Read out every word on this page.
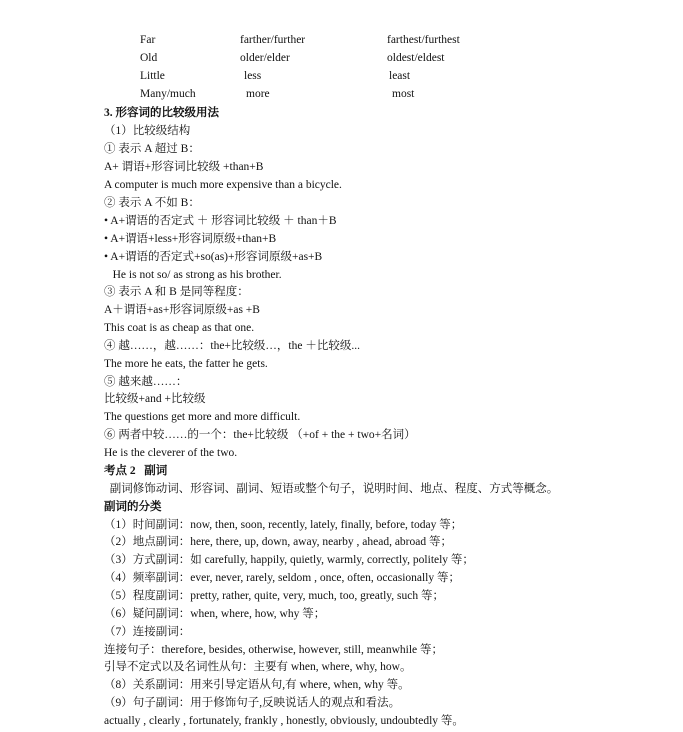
Far	farther/further	farthest/furthest
Old	older/elder	oldest/eldest
Little	less	least
Many/much	more	most
3. 形容词的比较级用法
（1）比较级结构
① 表示 A 超过 B：
A+ 谓语+形容词比较级 +than+B
A computer is much more expensive than a bicycle.
② 表示 A 不如 B：
• A+谓语的否定式 ＋ 形容词比较级 ＋ than＋B
• A+谓语+less+形容词原级+than+B
• A+谓语的否定式+so(as)+形容词原级+as+B
He is not so/ as strong as his brother.
③ 表示 A 和 B 是同等程度：
A＋谓语+as+形容词原级+as +B
This coat is as cheap as that one.
④ 越……，越……：the+比较级…，the ＋比较级...
The more he eats, the fatter he gets.
⑤ 越来越……：
比较级+and +比较级
The questions get more and more difficult.
⑥ 两者中较……的一个：the+比较级 （+of + the + two+名词）
He is the cleverer of the two.
考点 2   副词
副词修饰动词、形容词、副词、短语或整个句子，说明时间、地点、程度、方式等概念。
副词的分类
（1）时间副词：now, then, soon, recently, lately, finally, before, today 等；
（2）地点副词：here, there, up, down, away, nearby , ahead, abroad 等；
（3）方式副词：如 carefully, happily, quietly, warmly, correctly, politely 等；
（4）频率副词：ever, never, rarely, seldom , once, often, occasionally 等；
（5）程度副词：pretty, rather, quite, very, much, too, greatly, such 等；
（6）疑问副词：when, where, how, why 等；
（7）连接副词：
连接句子：therefore, besides, otherwise, however, still, meanwhile 等；
引导不定式以及名词性从句：主要有 when, where, why, how。
（8）关系副词：用来引导定语从句,有 where, when, why 等。
（9）句子副词：用于修饰句子,反映说话人的观点和看法。
actually , clearly , fortunately, frankly , honestly, obviously, undoubtedly 等。
